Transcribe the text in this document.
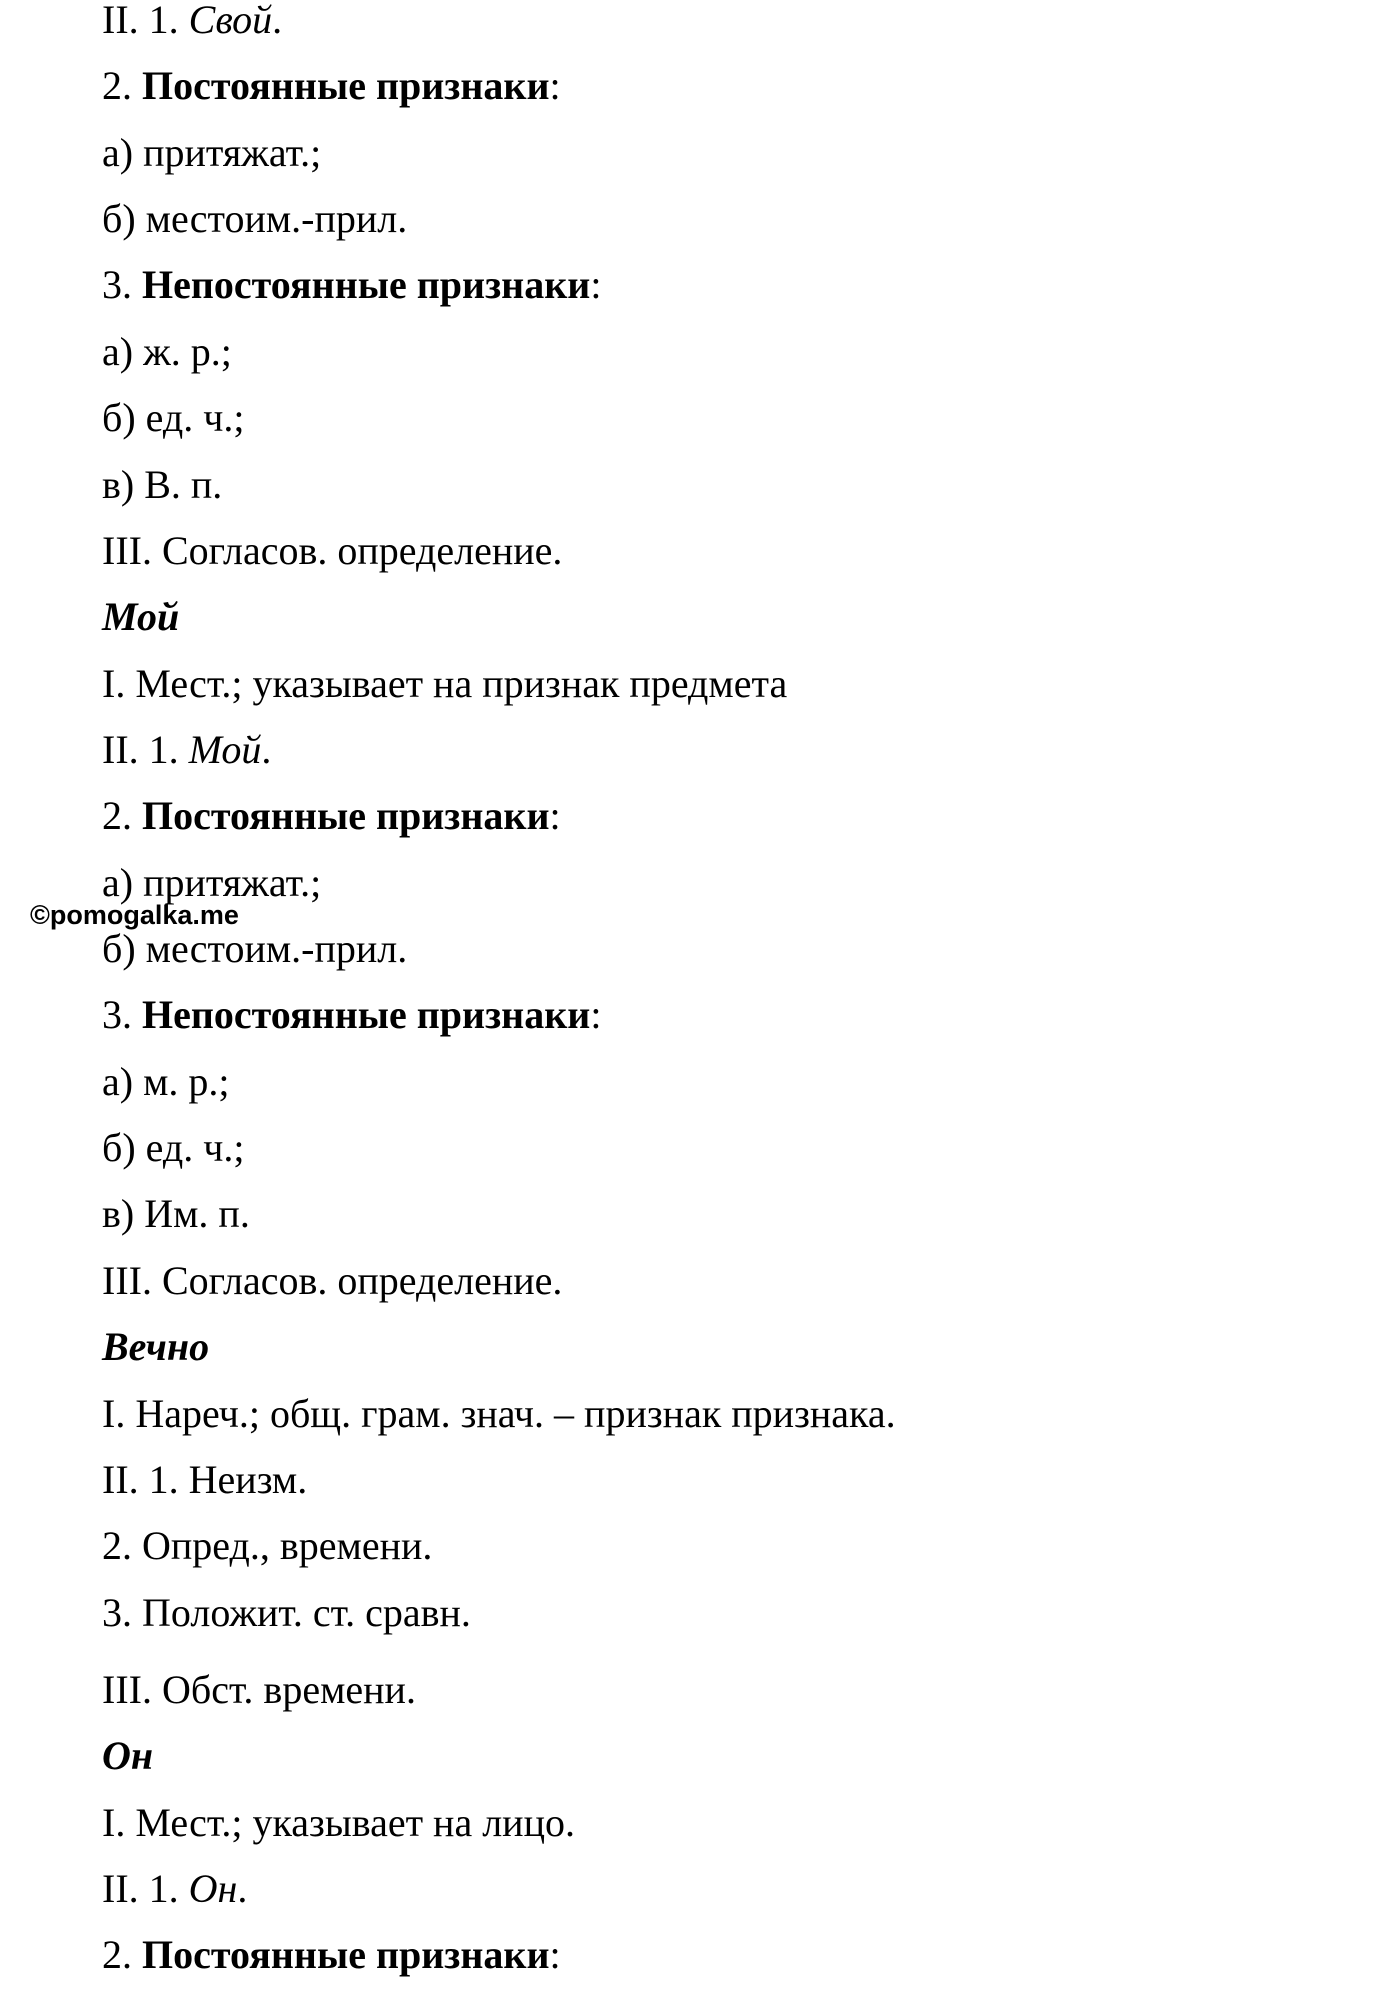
II. 1. Свой.
2. Постоянные признаки:
а) притяжат.;
б) местоим.-прил.
3. Непостоянные признаки:
а) ж. р.;
б) ед. ч.;
в) В. п.
III. Согласов. определение.
Мой
I. Мест.; указывает на признак предмета
II. 1. Мой.
2. Постоянные признаки:
а) притяжат.;
б) местоим.-прил.
3. Непостоянные признаки:
а) м. р.;
б) ед. ч.;
в) Им. п.
III. Согласов. определение.
Вечно
I. Нареч.; общ. грам. знач. – признак признака.
II. 1. Неизм.
2. Опред., времени.
3. Положит. ст. сравн.
III. Обст. времени.
Он
I. Мест.; указывает на лицо.
II. 1. Он.
2. Постоянные признаки:
©pomogalka.me
